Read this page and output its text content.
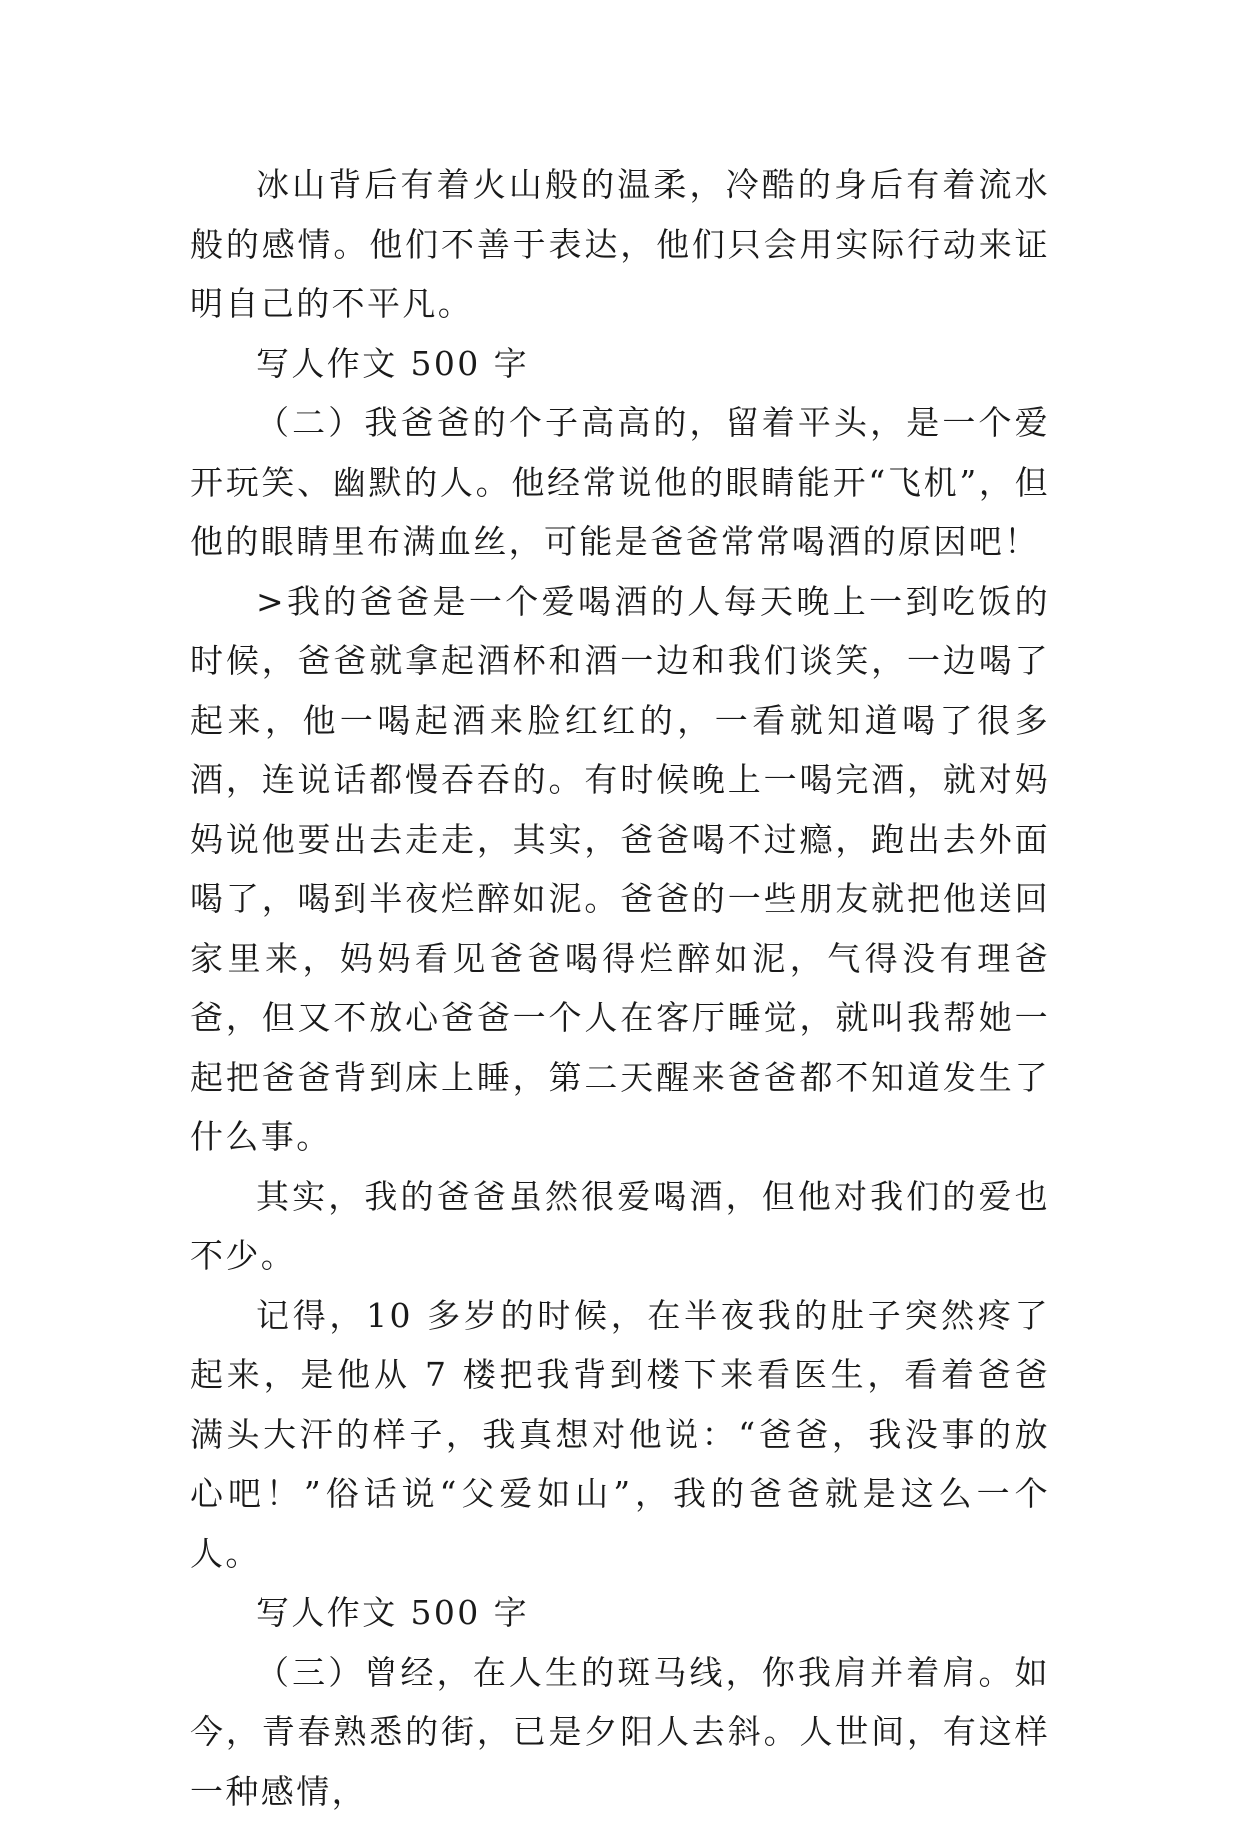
冰山背后有着火山般的温柔，冷酷的身后有着流水般的感情。他们不善于表达，他们只会用实际行动来证明自己的不平凡。

写人作文 500 字

（二）我爸爸的个子高高的，留着平头，是一个爱开玩笑、幽默的人。他经常说他的眼睛能开“飞机”，但他的眼睛里布满血丝，可能是爸爸常常喝酒的原因吧！

>我的爸爸是一个爱喝酒的人每天晚上一到吃饭的时候，爸爸就拿起酒杯和酒一边和我们谈笑，一边喝了起来，他一喝起酒来脸红红的，一看就知道喝了很多酒，连说话都慢吞吞的。有时候晚上一喝完酒，就对妈妈说他要出去走走，其实，爸爸喝不过瘾，跑出去外面喝了，喝到半夜烂醉如泥。爸爸的一些朋友就把他送回家里来，妈妈看见爸爸喝得烂醉如泥，气得没有理爸爸，但又不放心爸爸一个人在客厅睡觉，就叫我帮她一起把爸爸背到床上睡，第二天醒来爸爸都不知道发生了什么事。

其实，我的爸爸虽然很爱喝酒，但他对我们的爱也不少。

记得，10 多岁的时候，在半夜我的肚子突然疼了起来，是他从 7 楼把我背到楼下来看医生，看着爸爸满头大汗的样子，我真想对他说：“爸爸，我没事的放心吧！”俗话说“父爱如山”，我的爸爸就是这么一个人。

写人作文 500 字

（三）曾经，在人生的斑马线，你我肩并着肩。如今，青春熟悉的街，已是夕阳人去斜。人世间，有这样一种感情，
